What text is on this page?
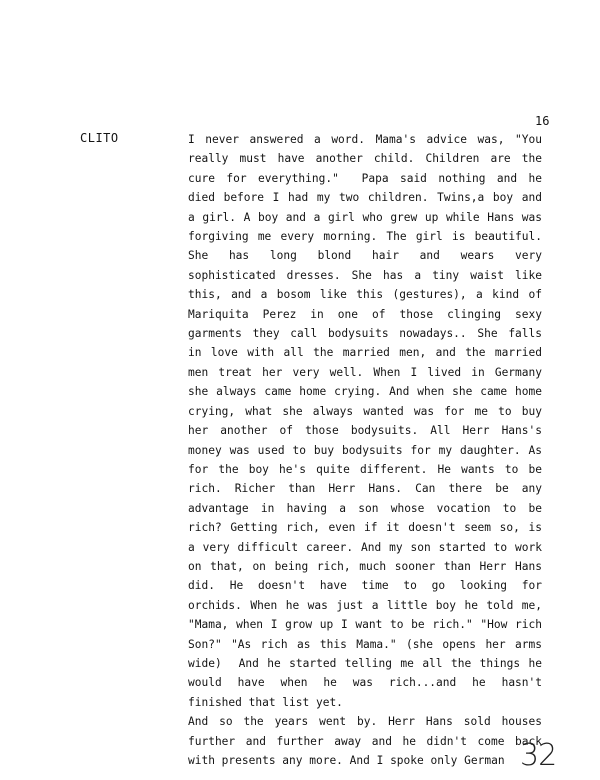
16

CLITO	I never answered a word. Mama's advice was, "You
really must have another child. Children are the
cure for everything."  Papa said nothing and he
died before I had my two children. Twins,a boy and
a girl. A boy and a girl who grew up while Hans was
forgiving me every morning. The girl is beautiful.
She has long blond hair and wears very
sophisticated dresses. She has a tiny waist like
this, and a bosom like this (gestures), a kind of
Mariquita Perez in one of those clinging sexy
garments they call bodysuits nowadays.. She falls
in love with all the married men, and the married
men treat her very well. When I lived in Germany
she always came home crying. And when she came home
crying, what she always wanted was for me to buy
her another of those bodysuits. All Herr Hans's
money was used to buy bodysuits for my daughter. As
for the boy he's quite different. He wants to be
rich. Richer than Herr Hans. Can there be any
advantage in having a son whose vocation to be
rich? Getting rich, even if it doesn't seem so, is
a very difficult career. And my son started to work
on that, on being rich, much sooner than Herr Hans
did. He doesn't have time to go looking for
orchids. When he was just a little boy he told me,
"Mama, when I grow up I want to be rich." "How rich
Son?" "As rich as this Mama." (she opens her arms
wide)  And he started telling me all the things he
would have when he was rich...and he hasn't
finished that list yet.
And so the years went by. Herr Hans sold houses
further and further away and he didn't come back
with presents any more. And I spoke only German 32
